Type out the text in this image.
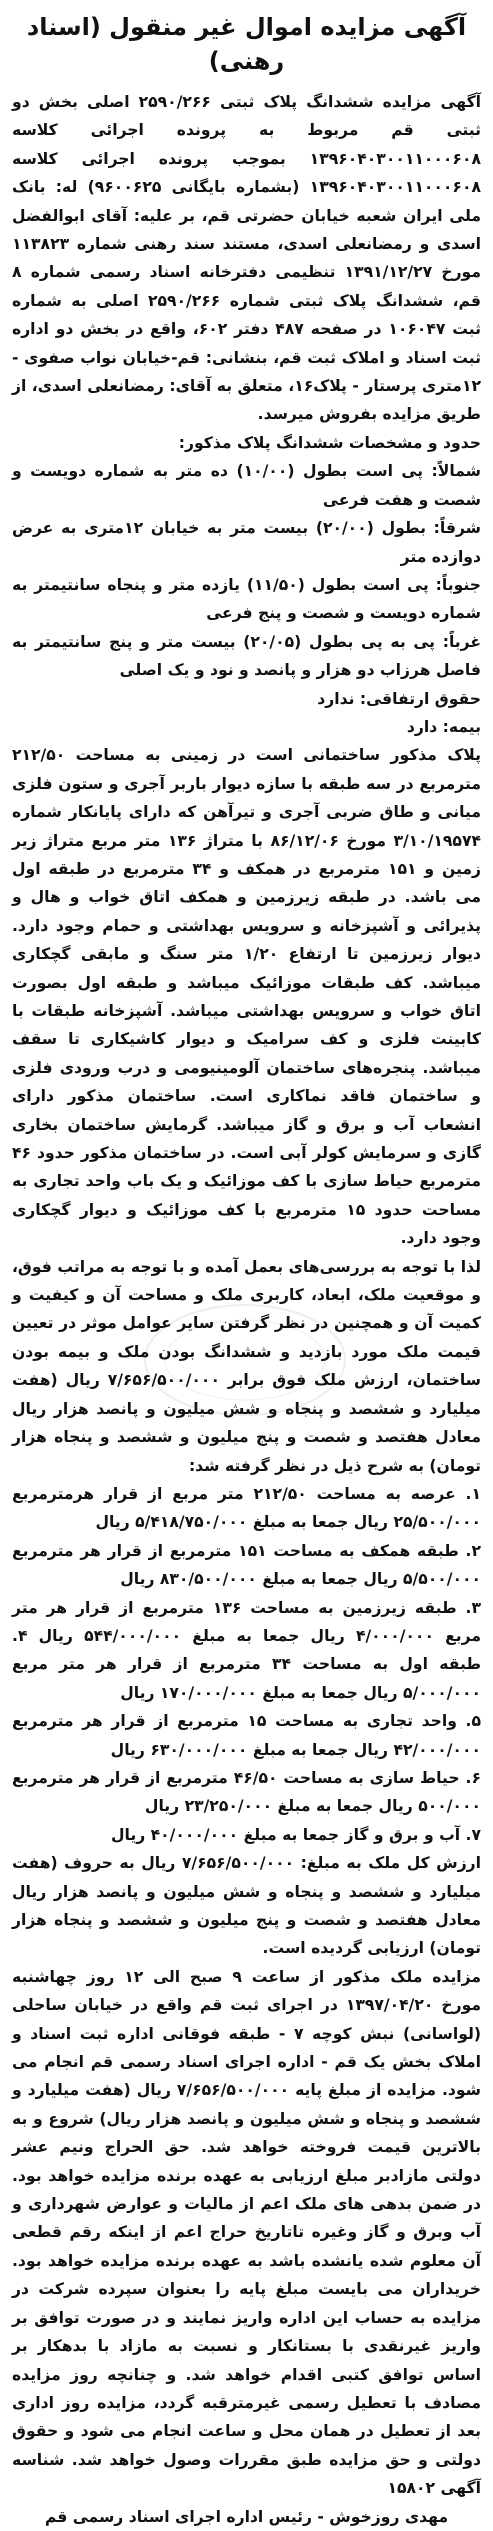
آگهی مزایده اموال غیر منقول (اسناد رهنی)

آگهی مزایده ششدانگ پلاک ثبتی ۲۵۹۰/۲۶۶ اصلی بخش دو ثبتی قم مربوط به پرونده اجرائی کلاسه ۱۳۹۶۰۴۰۳۰۰۱۱۰۰۰۶۰۸ بموجب پرونده اجرائی کلاسه ۱۳۹۶۰۴۰۳۰۰۱۱۰۰۰۶۰۸ (بشماره بایگانی ۹۶۰۰۶۲۵) له: بانک ملی ایران شعبه خیابان حضرتی قم، بر علیه: آقای ابوالفضل اسدی و رمضانعلی اسدی، مستند سند رهنی شماره ۱۱۳۸۲۳ مورخ ۱۳۹۱/۱۲/۲۷ تنظیمی دفترخانه اسناد رسمی شماره ۸ قم، ششدانگ پلاک ثبتی شماره ۲۵۹۰/۲۶۶ اصلی به شماره ثبت ۱۰۶۰۴۷ در صفحه ۴۸۷ دفتر ۶۰۲، واقع در بخش دو اداره ثبت اسناد و املاک ثبت قم، بنشانی: قم-خیابان نواب صفوی - ۱۲متری پرستار - پلاک۱۶، متعلق به آقای: رمضانعلی اسدی، از طریق مزایده بفروش میرسد.

حدود و مشخصات ششدانگ پلاک مذکور:

شمالاً: پی است بطول (۱۰/۰۰) ده متر به شماره دویست و شصت و هفت فرعی

شرقاً: بطول (۲۰/۰۰) بیست متر به خیابان ۱۲متری به عرض دوازده متر

جنوباً: پی است بطول (۱۱/۵۰) یازده متر و پنجاه سانتیمتر به شماره دویست و شصت و پنج فرعی

غرباً: پی به پی بطول (۲۰/۰۵) بیست متر و پنج سانتیمتر به فاصل هرزاب دو هزار و پانصد و نود و یک اصلی

حقوق ارتفاقی: ندارد

بیمه: دارد

پلاک مذکور ساختمانی است در زمینی به مساحت ۲۱۲/۵۰ مترمربع در سه طبقه با سازه دیوار باربر آجری و ستون فلزی میانی و طاق ضربی آجری و تیرآهن که دارای پایانکار شماره ۳/۱۰/۱۹۵۷۴ مورخ ۸۶/۱۲/۰۶ با متراژ ۱۳۶ متر مربع متراژ زیر زمین و ۱۵۱ مترمربع در همکف و ۳۴ مترمربع در طبقه اول می باشد. در طبقه زیرزمین و همکف اتاق خواب و هال و پذیرائی و آشپزخانه و سرویس بهداشتی و حمام وجود دارد. دیوار زیرزمین تا ارتفاع ۱/۲۰ متر سنگ و مابقی گچکاری میباشد. کف طبقات موزائیک میباشد و طبقه اول بصورت اتاق خواب و سرویس بهداشتی میباشد. آشپزخانه طبقات با کابینت فلزی و کف سرامیک و دیوار کاشیکاری تا سقف میباشد. پنجره‌های ساختمان آلومینیومی و درب ورودی فلزی و ساختمان فاقد نماکاری است. ساختمان مذکور دارای انشعاب آب و برق و گاز میباشد. گرمایش ساختمان بخاری گازی و سرمایش کولر آبی است. در ساختمان مذکور حدود ۴۶ مترمربع حیاط سازی با کف موزائیک و یک باب واحد تجاری به مساحت حدود ۱۵ مترمربع با کف موزائیک و دیوار گچکاری وجود دارد.

لذا با توجه به بررسی‌های بعمل آمده و با توجه به مراتب فوق، و موقعیت ملک، ابعاد، کاربری ملک و مساحت آن و کیفیت و کمیت آن و همچنین در نظر گرفتن سایر عوامل موثر در تعیین قیمت ملک مورد بازدید و ششدانگ بودن ملک و بیمه بودن ساختمان، ارزش ملک فوق برابر ۷/۶۵۶/۵۰۰/۰۰۰ ریال (هفت میلیارد و ششصد و پنجاه و شش میلیون و پانصد هزار ریال معادل هفتصد و شصت و پنج میلیون و ششصد و پنجاه هزار تومان) به شرح ذیل در نظر گرفته شد:

۱. عرصه به مساحت ۲۱۲/۵۰ متر مربع از قرار هرمترمربع ۲۵/۵۰۰/۰۰۰ ریال جمعا به مبلغ ۵/۴۱۸/۷۵۰/۰۰۰ ریال

۲. طبقه همکف به مساحت ۱۵۱ مترمربع از قرار هر مترمربع ۵/۵۰۰/۰۰۰ ریال جمعا به مبلغ ۸۳۰/۵۰۰/۰۰۰ ریال

۳. طبقه زیرزمین به مساحت ۱۳۶ مترمربع از قرار هر متر مربع ۴/۰۰۰/۰۰۰ ریال جمعا به مبلغ ۵۴۴/۰۰۰/۰۰۰ ریال ۴. طبقه اول به مساحت ۳۴ مترمربع از قرار هر متر مربع ۵/۰۰۰/۰۰۰ ریال جمعا به مبلغ ۱۷۰/۰۰۰/۰۰۰ ریال

۵. واحد تجاری به مساحت ۱۵ مترمربع از قرار هر مترمربع ۴۲/۰۰۰/۰۰۰ ریال جمعا به مبلغ ۶۳۰/۰۰۰/۰۰۰ ریال

۶. حیاط سازی به مساحت ۴۶/۵۰ مترمربع از قرار هر مترمربع ۵۰۰/۰۰۰ ریال جمعا به مبلغ ۲۳/۲۵۰/۰۰۰ ریال

۷. آب و برق و گاز جمعا به مبلغ ۴۰/۰۰۰/۰۰۰ ریال

ارزش کل ملک به مبلغ: ۷/۶۵۶/۵۰۰/۰۰۰ ریال به حروف (هفت میلیارد و ششصد و پنجاه و شش میلیون و پانصد هزار ریال معادل هفتصد و شصت و پنج میلیون و ششصد و پنجاه هزار تومان) ارزیابی گردیده است.

مزایده ملک مذکور از ساعت ۹ صبح الی ۱۲ روز چهاشنبه مورخ ۱۳۹۷/۰۴/۲۰ در اجرای ثبت قم واقع در خیابان ساحلی (لواسانی) نبش کوچه ۷ - طبقه فوقانی اداره ثبت اسناد و املاک بخش یک قم - اداره اجرای اسناد رسمی قم انجام می شود. مزایده از مبلغ پایه ۷/۶۵۶/۵۰۰/۰۰۰ ریال (هفت میلیارد و ششصد و پنجاه و شش میلیون و پانصد هزار ریال) شروع و به بالاترین قیمت فروخته خواهد شد. حق الحراج ونیم عشر دولتی مازادبر مبلغ ارزیابی به عهده برنده مزایده خواهد بود. در ضمن بدهی های ملک اعم از مالیات و عوارض شهرداری و آب وبرق و گاز وغیره تاتاریخ حراج اعم از اینکه رقم قطعی آن معلوم شده یانشده باشد به عهده برنده مزایده خواهد بود. خریداران می بایست مبلغ پایه را بعنوان سپرده شرکت در مزایده به حساب این اداره واریز نمایند و در صورت توافق بر واریز غیرنقدی با بستانکار و نسبت به مازاد با بدهکار بر اساس توافق کتبی اقدام خواهد شد. و چنانچه روز مزایده مصادف با تعطیل رسمی غیرمترقبه گردد، مزایده روز اداری بعد از تعطیل در همان محل و ساعت انجام می شود و حقوق دولتی و حق مزایده طبق مقررات وصول خواهد شد. شناسه آگهی ۱۵۸۰۲

مهدی روزخوش - رئیس اداره اجرای اسناد رسمی قم
